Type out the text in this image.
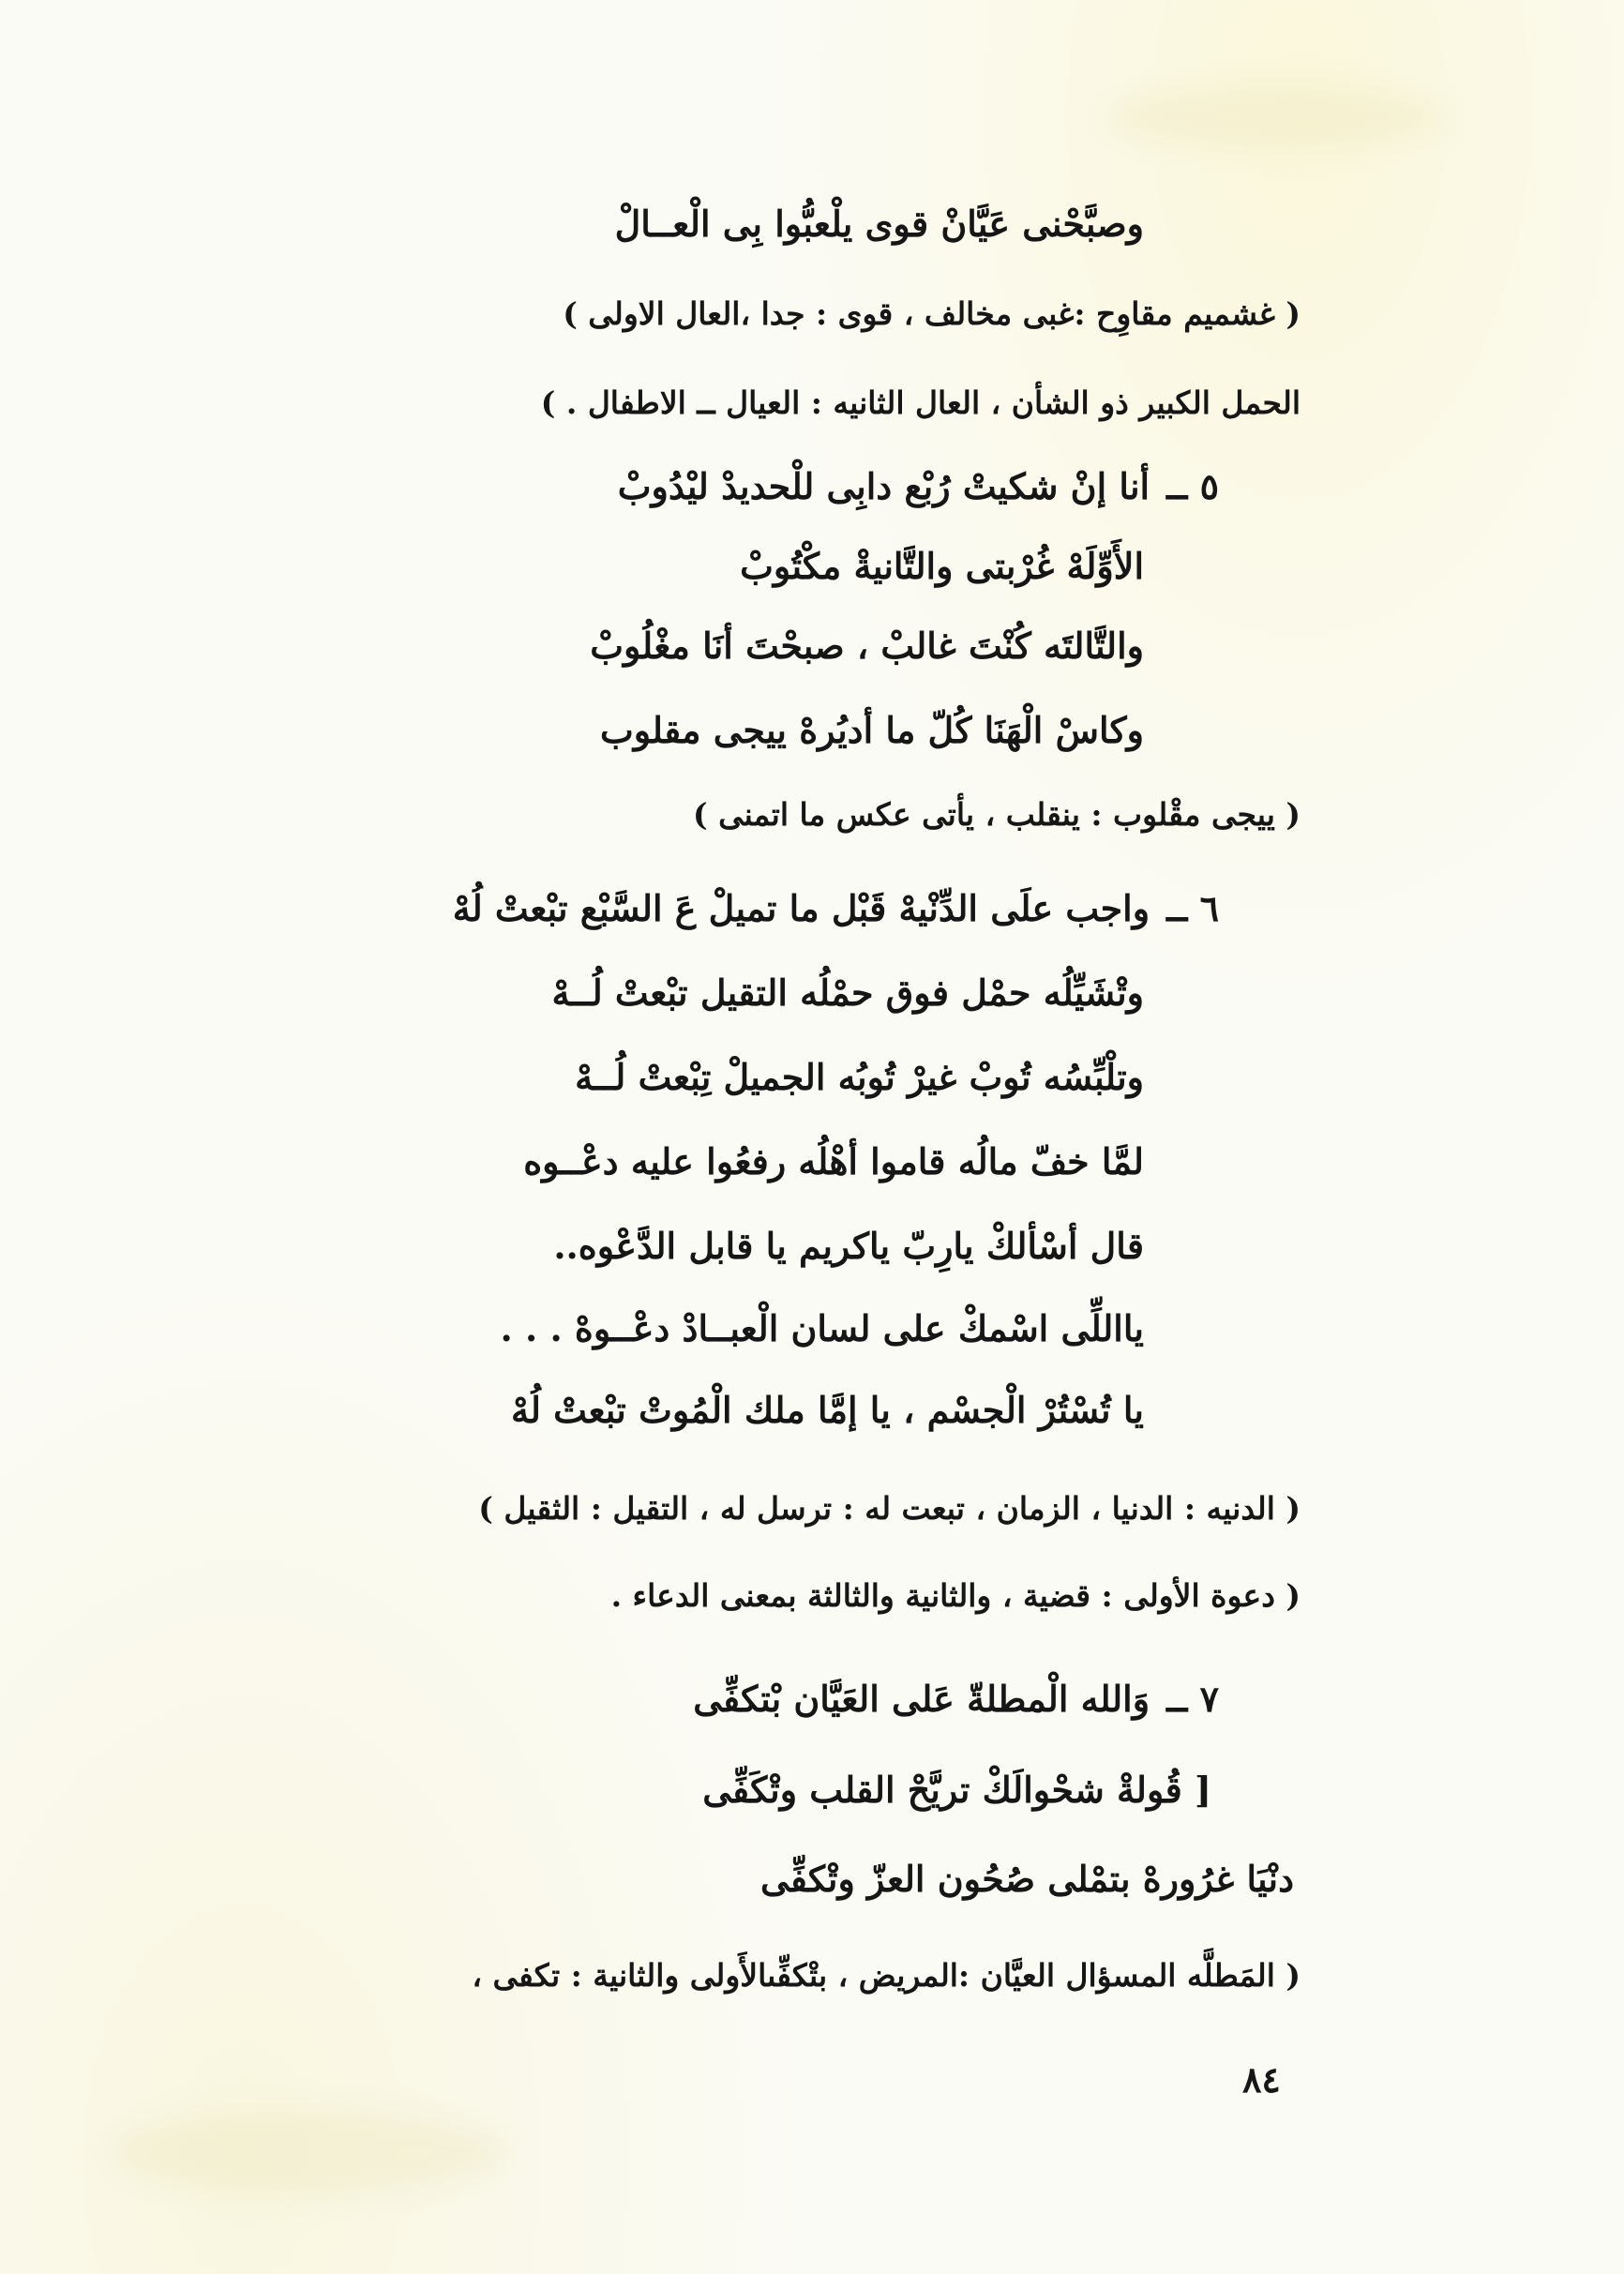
وصبَّحْنى عَيَّانْ قوى يلْعبُّوا بِى الْعــالْ
( غشميم مقاوِح :غبى مخالف ، قوى : جدا ،العال الاولى )
الحمل الكبير ذو الشأن ، العال الثانيه : العيال ــ الاطفال . )
٥ ــأنا إنْ شكيتْ رُبْع دابِى للْحديدْ ليْدُوبْ
الأَوِّلَهْ غُرْبتى والتَّانيةْ مكْتُوبْ
والتَّالتَه كُنْتَ غالبْ ، صبحْتَ أنَا مغْلُوبْ
وكاسْ الْهَنَا كُلّ ما أديُرهْ ييجى مقلوب
( ييجى مقْلوب : ينقلب ، يأتى عكس ما اتمنى )
٦ ــواجب علَى الدِّنْيهْ قَبْل ما تميلْ عَ السَّبْع تبْعتْ لُهْ
وتْشَيِّلُه حمْل فوق حمْلُه التقيل تبْعتْ لُــهْ
وتلْبِّسُه تُوبْ غيرْ تُوبُه الجميلْ تِبْعتْ لُــهْ
لمَّا خفّ مالُه قاموا أهْلُه رفعُوا عليه دعْــوه
قال أسْألكْ يارِبّ ياكريم يا قابل الدَّعْوه..
يااللِّى اسْمكْ على لسان الْعبــادْ دعْــوهْ . . .
يا تُسْتُرْ الْجسْم ، يا إمَّا ملك الْمُوتْ تبْعتْ لُهْ
( الدنيه : الدنيا ، الزمان ، تبعت له : ترسل له ، التقيل : الثقيل )
( دعوة الأولى : قضية ، والثانية والثالثة بمعنى الدعاء .
٧ ــوَالله الْمطلةّ عَلى العَيَّان بْتكفِّى
[ قُولةْ شحْوالَكْ تريَّحْ القلب وتْكَفِّى
دنْيَا غرُورهْ بتمْلى صُحُون العزّ وتْكفِّى
( المَطلَّه المسؤال العيَّان :المريض ، بتْكفِّىالأَولى والثانية : تكفى ،
٨٤
